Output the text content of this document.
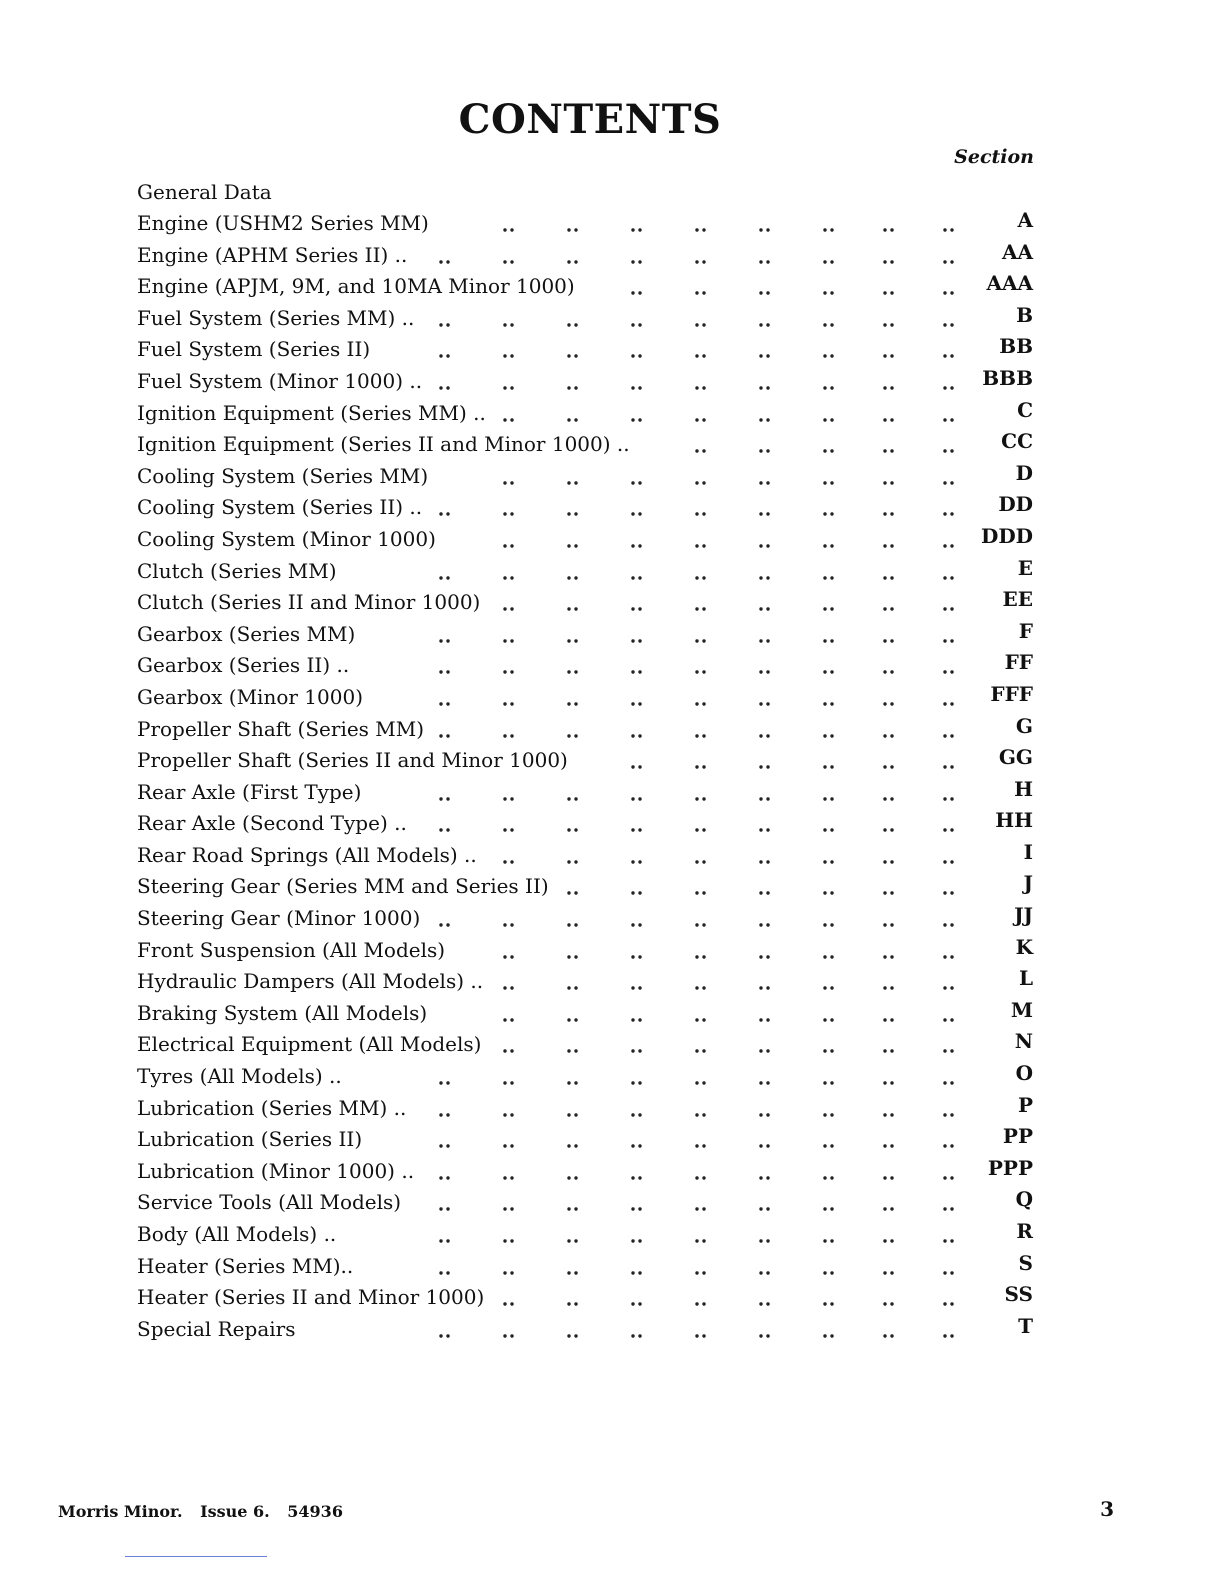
CONTENTS
Section
General Data
Engine (USHM2 Series MM)	A
Engine (APHM Series II) ..	AA
Engine (APJM, 9M, and 10MA Minor 1000)	AAA
Fuel System (Series MM) ..	B
Fuel System (Series II)	BB
Fuel System (Minor 1000) ..	BBB
Ignition Equipment (Series MM) ..	C
Ignition Equipment (Series II and Minor 1000) ..	CC
Cooling System (Series MM)	D
Cooling System (Series II) ..	DD
Cooling System (Minor 1000)	DDD
Clutch (Series MM)	E
Clutch (Series II and Minor 1000)	EE
Gearbox (Series MM)	F
Gearbox (Series II) ..	FF
Gearbox (Minor 1000)	FFF
Propeller Shaft (Series MM)	G
Propeller Shaft (Series II and Minor 1000)	GG
Rear Axle (First Type)	H
Rear Axle (Second Type) ..	HH
Rear Road Springs (All Models) ..	I
Steering Gear (Series MM and Series II)	J
Steering Gear (Minor 1000)	JJ
Front Suspension (All Models)	K
Hydraulic Dampers (All Models) ..	L
Braking System (All Models)	M
Electrical Equipment (All Models)	N
Tyres (All Models) ..	O
Lubrication (Series MM) ..	P
Lubrication (Series II)	PP
Lubrication (Minor 1000) ..	PPP
Service Tools (All Models)	Q
Body (All Models) ..	R
Heater (Series MM)..	S
Heater (Series II and Minor 1000)	SS
Special Repairs	T
Morris Minor. Issue 6. 54936	3
